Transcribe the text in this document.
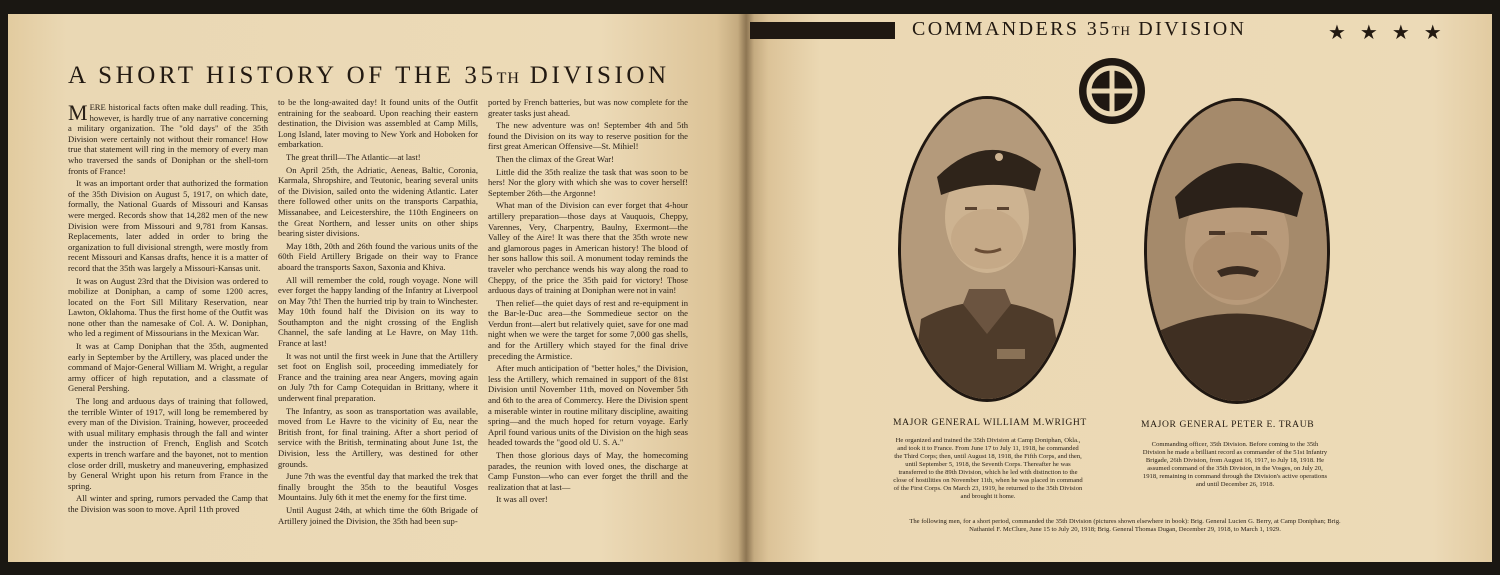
A SHORT HISTORY OF THE 35TH DIVISION

MERE historical facts often make dull reading. This, however, is hardly true of any narrative concerning a military organization. The "old days" of the 35th Division were certainly not without their romance! How true that statement will ring in the memory of every man who traversed the sands of Doniphan or the shell-torn fronts of France!

It was an important order that authorized the formation of the 35th Division on August 5, 1917, on which date, formally, the National Guards of Missouri and Kansas were merged. Records show that 14,282 men of the new Division were from Missouri and 9,781 from Kansas. Replacements, later added in order to bring the organization to full divisional strength, were mostly from recent Missouri and Kansas drafts, hence it is a matter of record that the 35th was largely a Missouri-Kansas unit.

It was on August 23rd that the Division was ordered to mobilize at Doniphan, a camp of some 1200 acres, located on the Fort Sill Military Reservation, near Lawton, Oklahoma. Thus the first home of the Outfit was none other than the namesake of Col. A. W. Doniphan, who led a regiment of Missourians in the Mexican War.

It was at Camp Doniphan that the 35th, augmented early in September by the Artillery, was placed under the command of Major-General William M. Wright, a regular army officer of high reputation, and a classmate of General Pershing.

The long and arduous days of training that followed, the terrible Winter of 1917, will long be remembered by every man of the Division. Training, however, proceeded with usual military emphasis through the fall and winter under the instruction of French, English and Scotch experts in trench warfare and the bayonet, not to mention close order drill, musketry and maneuvering, emphasized by General Wright upon his return from France in the spring.

All winter and spring, rumors pervaded the Camp that the Division was soon to move. April 11th proved

to be the long-awaited day! It found units of the Outfit entraining for the seaboard. Upon reaching their eastern destination, the Division was assembled at Camp Mills, Long Island, later moving to New York and Hoboken for embarkation.

The great thrill—The Atlantic—at last!

On April 25th, the Adriatic, Aeneas, Baltic, Coronia, Karmala, Shropshire, and Teutonic, bearing several units of the Division, sailed onto the widening Atlantic. Later there followed other units on the transports Carpathia, Missanabee, and Leicestershire, the 110th Engineers on the Great Northern, and lesser units on other ships bearing sister divisions.

May 18th, 20th and 26th found the various units of the 60th Field Artillery Brigade on their way to France aboard the transports Saxon, Saxonia and Khiva.

All will remember the cold, rough voyage. None will ever forget the happy landing of the Infantry at Liverpool on May 7th! Then the hurried trip by train to Winchester. May 10th found half the Division on its way to Southampton and the night crossing of the English Channel, the safe landing at Le Havre, on May 11th. France at last!

It was not until the first week in June that the Artillery set foot on English soil, proceeding immediately for France and the training area near Angers, moving again on July 7th for Camp Cotequidan in Brittany, where it underwent final preparation.

The Infantry, as soon as transportation was available, moved from Le Havre to the vicinity of Eu, near the British front, for final training. After a short period of service with the British, terminating about June 1st, the Division, less the Artillery, was destined for other grounds.

June 7th was the eventful day that marked the trek that finally brought the 35th to the beautiful Vosges Mountains. July 6th it met the enemy for the first time.

Until August 24th, at which time the 60th Brigade of Artillery joined the Division, the 35th had been sup-

ported by French batteries, but was now complete for the greater tasks just ahead.

The new adventure was on! September 4th and 5th found the Division on its way to reserve position for the first great American Offensive—St. Mihiel!

Then the climax of the Great War!

Little did the 35th realize the task that was soon to be hers! Nor the glory with which she was to cover herself! September 26th—the Argonne!

What man of the Division can ever forget that 4-hour artillery preparation—those days at Vauquois, Cheppy, Varennes, Very, Charpentry, Baulny, Exermont—the Valley of the Aire! It was there that the 35th wrote new and glamorous pages in American history! The blood of her sons hallow this soil. A monument today reminds the traveler who perchance wends his way along the road to Cheppy, of the price the 35th paid for victory! Those arduous days of training at Doniphan were not in vain!

Then relief—the quiet days of rest and re-equipment in the Bar-le-Duc area—the Sommedieue sector on the Verdun front—alert but relatively quiet, save for one mad night when we were the target for some 7,000 gas shells, and for the Artillery which stayed for the final drive preceding the Armistice.

After much anticipation of "better holes," the Division, less the Artillery, which remained in support of the 81st Division until November 11th, moved on November 5th and 6th to the area of Commercy. Here the Division spent a miserable winter in routine military discipline, awaiting spring—and the much hoped for return voyage. Early April found various units of the Division on the high seas headed towards the "good old U. S. A."

Then those glorious days of May, the homecoming parades, the reunion with loved ones, the discharge at Camp Funston—who can ever forget the thrill and the realization that at last—

It was all over!

COMMANDERS 35TH DIVISION	★★★★
MAJOR GENERAL WILLIAM M.WRIGHT	MAJOR GENERAL PETER E. TRAUB
He organized and trained the 35th Division at Camp Doniphan, Okla., and took it to France. From June 17 to July 11, 1918, he commanded the Third Corps; then, until August 18, 1918, the Fifth Corps, and then, until September 5, 1918, the Seventh Corps. Thereafter he was transferred to the 89th Division, which he led with distinction to the close of hostilities on November 11th, when he was placed in command of the First Corps. On March 23, 1919, he returned to the 35th Division and brought it home.
Commanding officer, 35th Division. Before coming to the 35th Division he made a brilliant record as commander of the 51st Infantry Brigade, 26th Division, from August 16, 1917, to July 18, 1918. He assumed command of the 35th Division, in the Vosges, on July 20, 1918, remaining in command through the Division's active operations and until December 26, 1918.
The following men, for a short period, commanded the 35th Division (pictures shown elsewhere in book): Brig. General Lucien G. Berry, at Camp Doniphan; Brig. Nathaniel F. McClure, June 15 to July 20, 1918; Brig. General Thomas Dugan, December 29, 1918, to March 1, 1929.
